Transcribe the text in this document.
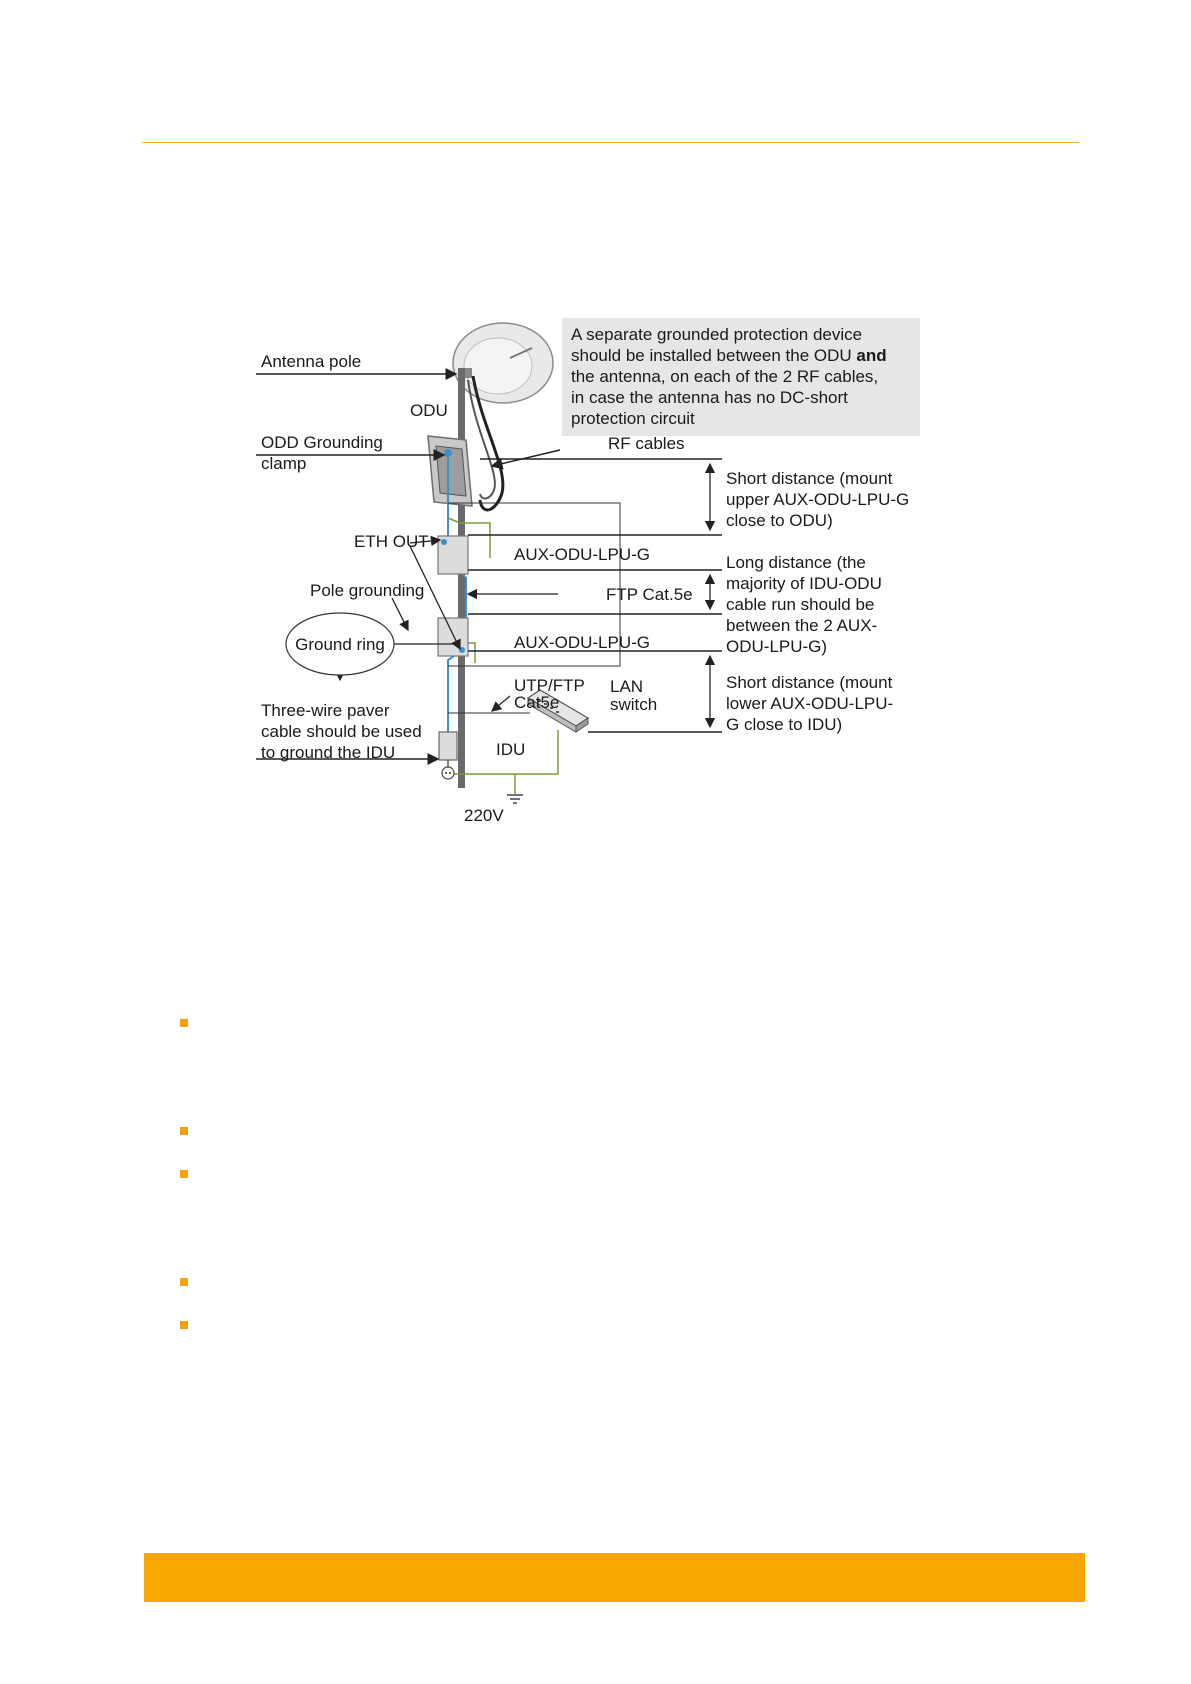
A separate grounded protection device
should be installed between the ODU and
the antenna, on each of the 2 RF cables,
in case the antenna has no DC-short
protection circuit
Antenna pole
ODU
ODD Grounding
clamp
RF cables
ETH OUT
Pole grounding
Ground ring
AUX-ODU-LPU-G
AUX-ODU-LPU-G
FTP Cat.5e
UTP/FTP
Cat5e
LAN
switch
Three-wire paver
cable should be used
to ground the IDU	IDU
220V
Short distance (mount
upper AUX-ODU-LPU-G
close to ODU)
Long distance (the
majority of IDU-ODU
cable run should be
between the 2 AUX-
ODU-LPU-G)
Short distance (mount
lower AUX-ODU-LPU-
G close to IDU)
